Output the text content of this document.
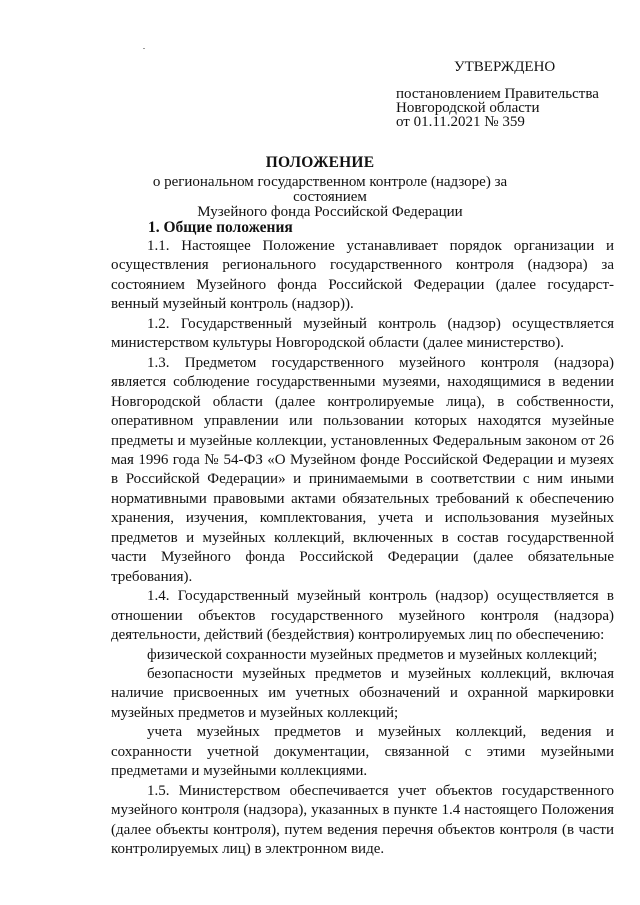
УТВЕРЖДЕНО
постановлением Правительства
Новгородской области
от 01.11.2021 № 359
ПОЛОЖЕНИЕ
о региональном государственном контроле (надзоре) за состоянием
Музейного фонда Российской Федерации
1. Общие положения
1.1. Настоящее Положение устанавливает порядок организации и осуществления регионального государственного контроля (надзора) за состоянием Музейного фонда Российской Федерации (далее государст-венный музейный контроль (надзор)).
1.2. Государственный музейный контроль (надзор) осуществляется министерством культуры Новгородской области (далее министерство).
1.3. Предметом государственного музейного контроля (надзора) является соблюдение государственными музеями, находящимися в ведении Новгородской области (далее контролируемые лица), в собственности, оперативном управлении или пользовании которых находятся музейные предметы и музейные коллекции, установленных Федеральным законом от 26 мая 1996 года № 54-ФЗ «О Музейном фонде Российской Федерации и музеях в Российской Федерации» и принимаемыми в соответствии с ним иными нормативными правовыми актами обязательных требований к обеспечению хранения, изучения, комплектования, учета и использования музейных предметов и музейных коллекций, включенных в состав государственной части Музейного фонда Российской Федерации (далее обязательные требования).
1.4. Государственный музейный контроль (надзор) осуществляется в отношении объектов государственного музейного контроля (надзора) деятельности, действий (бездействия) контролируемых лиц по обеспечению:
физической сохранности музейных предметов и музейных коллекций;
безопасности музейных предметов и музейных коллекций, включая наличие присвоенных им учетных обозначений и охранной маркировки музейных предметов и музейных коллекций;
учета музейных предметов и музейных коллекций, ведения и сохранности учетной документации, связанной с этими музейными предметами и музейными коллекциями.
1.5. Министерством обеспечивается учет объектов государственного музейного контроля (надзора), указанных в пункте 1.4 настоящего Положения (далее объекты контроля), путем ведения перечня объектов контроля (в части контролируемых лиц) в электронном виде.
